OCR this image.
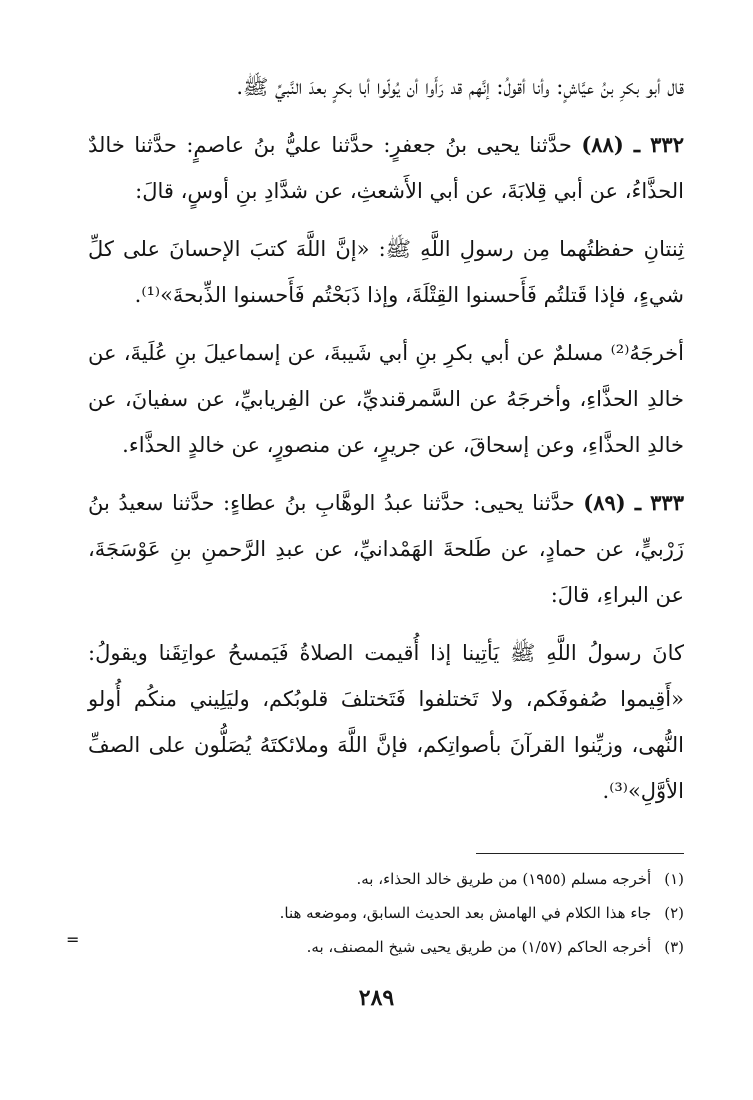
قال أبو بكرِ بنُ عيَّاشٍ: وأنا أقولُ: إنَّهم قد رَأَوا أن يُولّوا أبا بكرٍ بعدَ النَّبيِّ ﷺ.

٣٣٢ ـ (٨٨) حدَّثنا يحيى بنُ جعفرٍ: حدَّثنا عليُّ بنُ عاصمٍ: حدَّثنا خالدٌ الحذَّاءُ، عن أبي قِلابَةَ، عن أبي الأَشعثِ، عن شدَّادِ بنِ أوسٍ، قالَ:

ثِنتانِ حفظتُهما مِن رسولِ اللَّهِ ﷺ: «إنَّ اللَّهَ كتبَ الإحسانَ على كلِّ شيءٍ، فإذا قَتلتُم فَأَحسنوا القِتْلَةَ، وإذا ذَبَحْتُم فَأَحسنوا الذِّبحةَ»⁽¹⁾.

أخرجَهُ⁽²⁾ مسلمٌ عن أبي بكرِ بنِ أبي شَيبةَ، عن إسماعيلَ بنِ عُلَيةَ، عن خالدِ الحذَّاءِ، وأخرجَهُ عن السَّمرقنديِّ، عن الفِريابيِّ، عن سفيانَ، عن خالدِ الحذَّاءِ، وعن إسحاقَ، عن جريرٍ، عن منصورٍ، عن خالدٍ الحذَّاء.

٣٣٣ ـ (٨٩) حدَّثنا يحيى: حدَّثنا عبدُ الوهَّابِ بنُ عطاءٍ: حدَّثنا سعيدُ بنُ زَرْبيٍّ، عن حمادٍ، عن طَلحةَ الهَمْدانيِّ، عن عبدِ الرَّحمنِ بنِ عَوْسَجَةَ، عن البراءِ، قالَ:

كانَ رسولُ اللَّهِ ﷺ يَأتِينا إذا أُقيمت الصلاةُ فَيَمسحُ عواتِقَنا ويقولُ: «أَقِيموا صُفوفَكم، ولا تَختلفوا فَتَختلفَ قلوبُكم، وليَلِيني منكُم أُولو النُّهى، وزيِّنوا القرآنَ بأصواتِكم، فإنَّ اللَّهَ وملائكتَهُ يُصَلُّون على الصفِّ الأوَّلِ»⁽³⁾.

(١) أخرجه مسلم (١٩٥٥) من طريق خالد الحذاء، به.

(٢) جاء هذا الكلام في الهامش بعد الحديث السابق، وموضعه هنا.

(٣) أخرجه الحاكم (١/٥٧) من طريق يحيى شيخ المصنف، به.

=
٢٨٩
